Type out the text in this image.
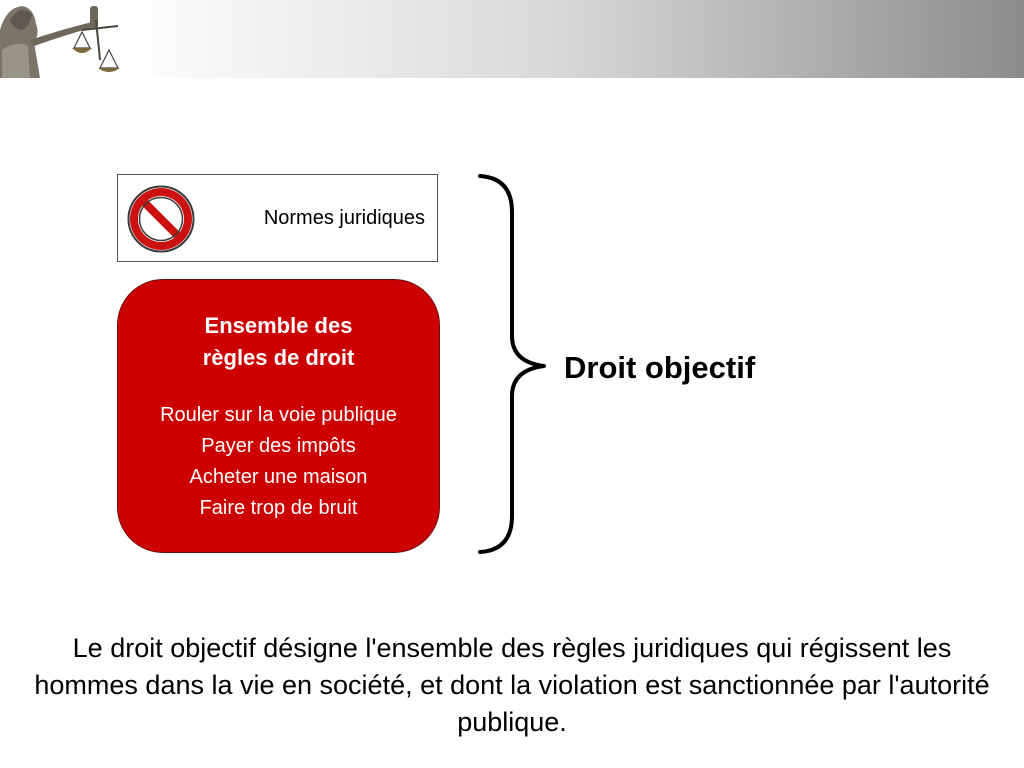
Normes juridiques
Ensemble des
règles de droit
Rouler sur la voie publique
Payer des impôts
Acheter une maison
Faire trop de bruit
Droit objectif
Le droit objectif désigne l'ensemble des règles juridiques qui régissent les hommes dans la vie en société, et dont la violation est sanctionnée par l'autorité publique.
